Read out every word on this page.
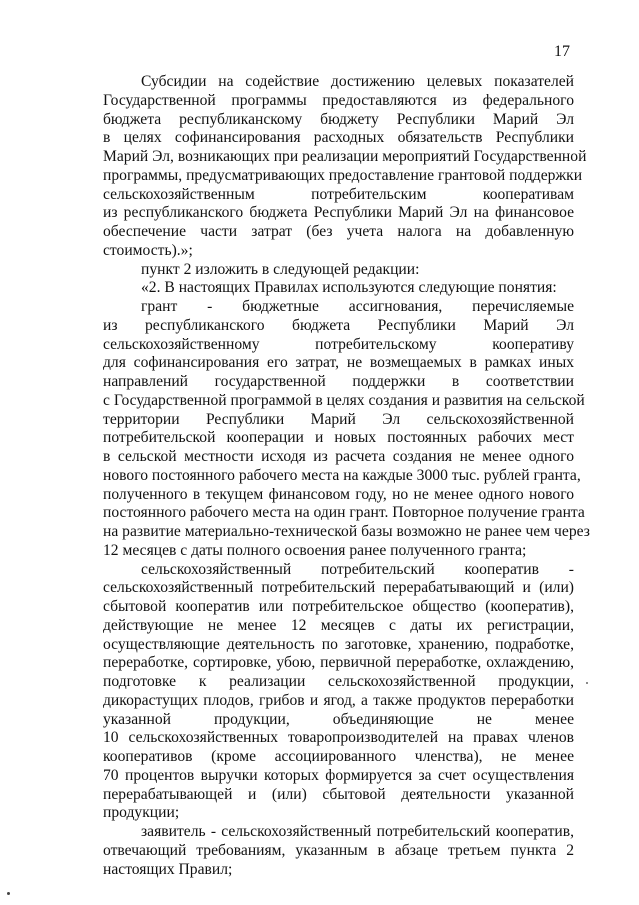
17
Субсидии на содействие достижению целевых показателей
Государственной программы предоставляются из федерального
бюджета республиканскому бюджету Республики Марий Эл
в целях софинансирования расходных обязательств Республики
Марий Эл, возникающих при реализации мероприятий Государственной
программы, предусматривающих предоставление грантовой поддержки
сельскохозяйственным потребительским кооперативам
из республиканского бюджета Республики Марий Эл на финансовое
обеспечение части затрат (без учета налога на добавленную
стоимость).»;
пункт 2 изложить в следующей редакции:
«2. В настоящих Правилах используются следующие понятия:
грант - бюджетные ассигнования, перечисляемые
из республиканского бюджета Республики Марий Эл
сельскохозяйственному потребительскому кооперативу
для софинансирования его затрат, не возмещаемых в рамках иных
направлений государственной поддержки в соответствии
с Государственной программой в целях создания и развития на сельской
территории Республики Марий Эл сельскохозяйственной
потребительской кооперации и новых постоянных рабочих мест
в сельской местности исходя из расчета создания не менее одного
нового постоянного рабочего места на каждые 3000 тыс. рублей гранта,
полученного в текущем финансовом году, но не менее одного нового
постоянного рабочего места на один грант. Повторное получение гранта
на развитие материально-технической базы возможно не ранее чем через
12 месяцев с даты полного освоения ранее полученного гранта;
сельскохозяйственный потребительский кооператив -
сельскохозяйственный потребительский перерабатывающий и (или)
сбытовой кооператив или потребительское общество (кооператив),
действующие не менее 12 месяцев с даты их регистрации,
осуществляющие деятельность по заготовке, хранению, подработке,
переработке, сортировке, убою, первичной переработке, охлаждению,
подготовке к реализации сельскохозяйственной продукции,
дикорастущих плодов, грибов и ягод, а также продуктов переработки
указанной продукции, объединяющие не менее
10 сельскохозяйственных товаропроизводителей на правах членов
кооперативов (кроме ассоциированного членства), не менее
70 процентов выручки которых формируется за счет осуществления
перерабатывающей и (или) сбытовой деятельности указанной
продукции;
заявитель - сельскохозяйственный потребительский кооператив,
отвечающий требованиям, указанным в абзаце третьем пункта 2
настоящих Правил;
